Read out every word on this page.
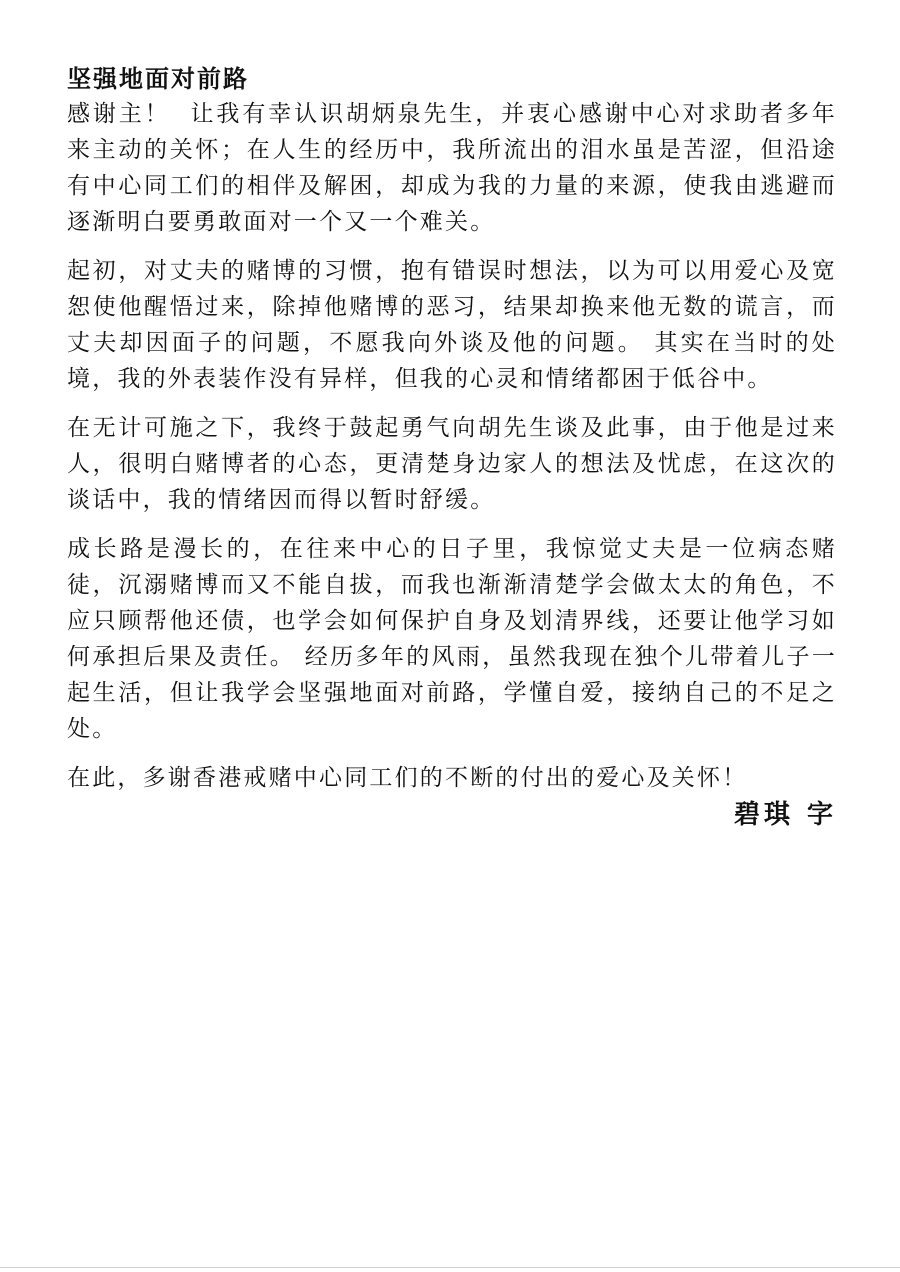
坚强地面对前路

感谢主！ 让我有幸认识胡炳泉先生，并衷心感谢中心对求助者多年来主动的关怀；在人生的经历中，我所流出的泪水虽是苦涩，但沿途有中心同工们的相伴及解困，却成为我的力量的来源，使我由逃避而逐渐明白要勇敢面对一个又一个难关。

起初，对丈夫的赌博的习惯，抱有错误时想法，以为可以用爱心及宽恕使他醒悟过来，除掉他赌博的恶习，结果却换来他无数的谎言，而丈夫却因面子的问题，不愿我向外谈及他的问题。 其实在当时的处境，我的外表装作没有异样，但我的心灵和情绪都困于低谷中。

在无计可施之下，我终于鼓起勇气向胡先生谈及此事，由于他是过来人，很明白赌博者的心态，更清楚身边家人的想法及忧虑，在这次的谈话中，我的情绪因而得以暂时舒缓。

成长路是漫长的，在往来中心的日子里，我惊觉丈夫是一位病态赌徒，沉溺赌博而又不能自拔，而我也渐渐清楚学会做太太的角色，不应只顾帮他还债，也学会如何保护自身及划清界线，还要让他学习如何承担后果及责任。 经历多年的风雨，虽然我现在独个儿带着儿子一起生活，但让我学会坚强地面对前路，学懂自爱，接纳自己的不足之处。

在此，多谢香港戒赌中心同工们的不断的付出的爱心及关怀！

碧琪 字
